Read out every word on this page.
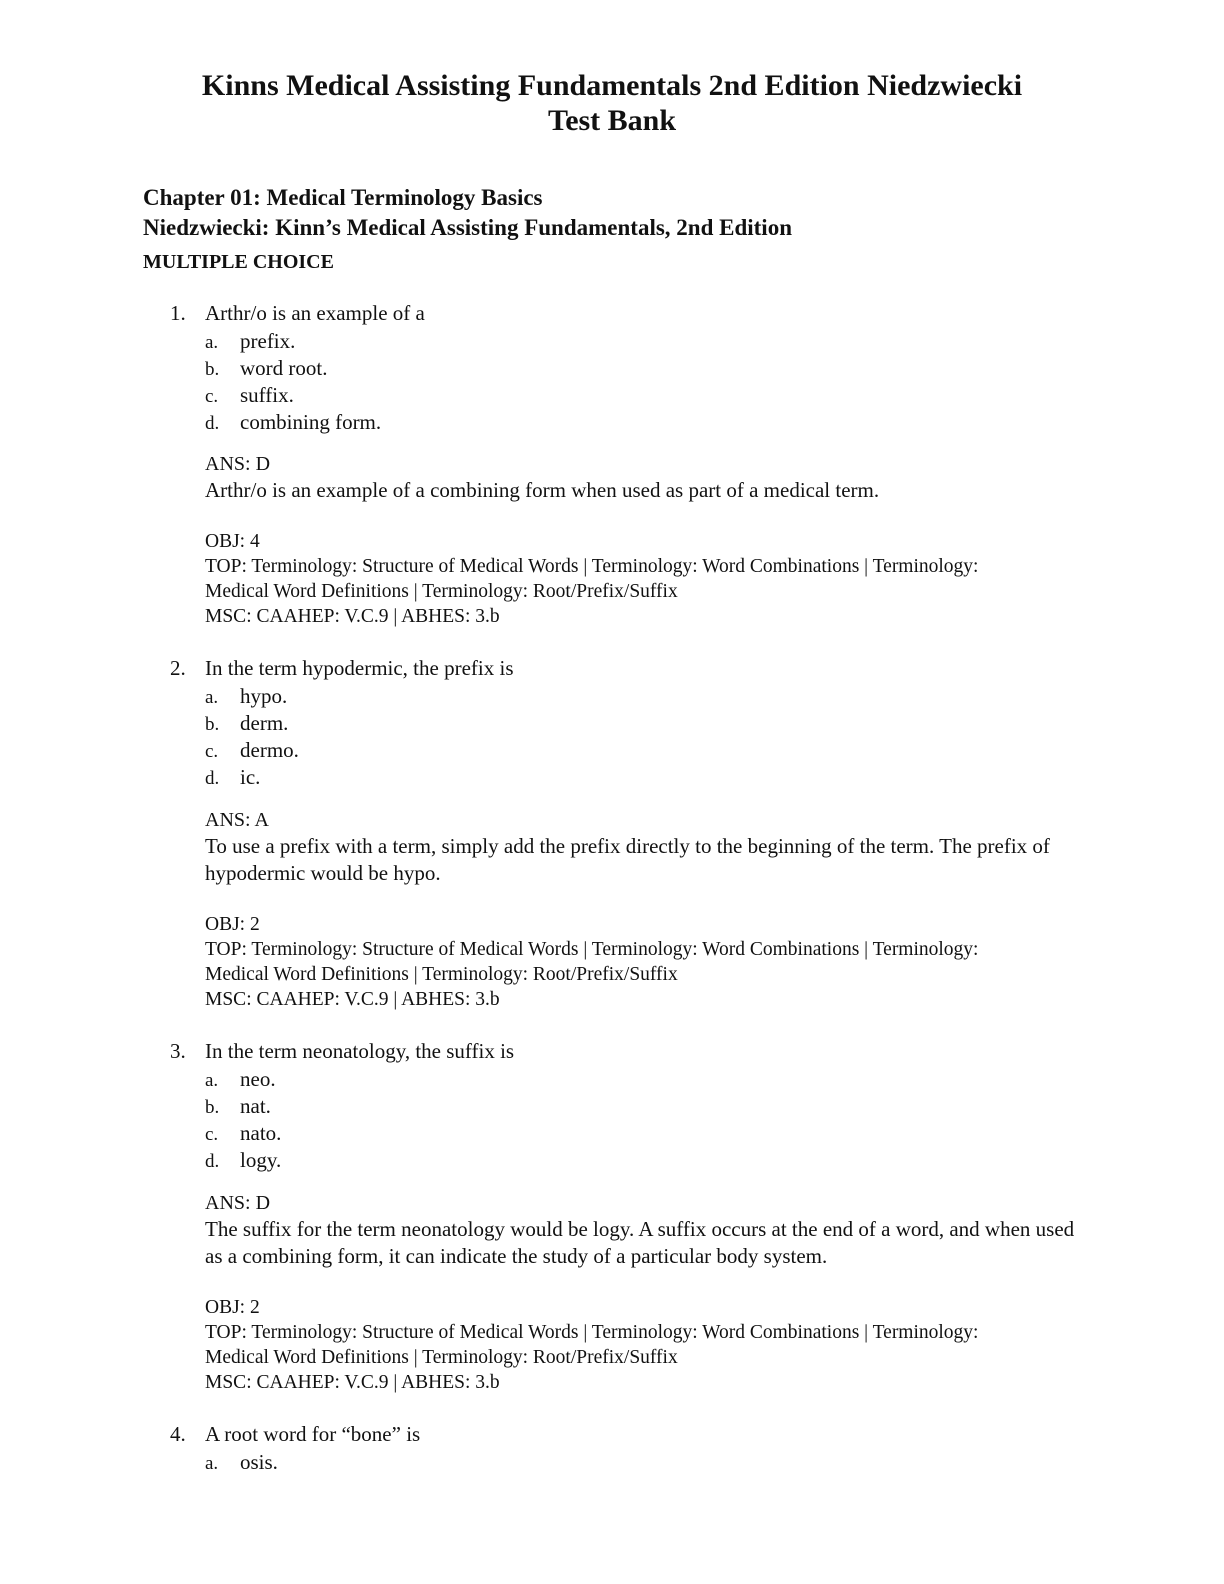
Kinns Medical Assisting Fundamentals 2nd Edition Niedzwiecki
Test Bank
Chapter 01: Medical Terminology Basics
Niedzwiecki: Kinn’s Medical Assisting Fundamentals, 2nd Edition
MULTIPLE CHOICE
1. Arthr/o is an example of a
a. prefix.
b. word root.
c. suffix.
d. combining form.
ANS: D
Arthr/o is an example of a combining form when used as part of a medical term.
OBJ: 4
TOP: Terminology: Structure of Medical Words | Terminology: Word Combinations | Terminology:
Medical Word Definitions | Terminology: Root/Prefix/Suffix
MSC: CAAHEP: V.C.9 | ABHES: 3.b
2. In the term hypodermic, the prefix is
a. hypo.
b. derm.
c. dermo.
d. ic.
ANS: A
To use a prefix with a term, simply add the prefix directly to the beginning of the term. The prefix of hypodermic would be hypo.
OBJ: 2
TOP: Terminology: Structure of Medical Words | Terminology: Word Combinations | Terminology:
Medical Word Definitions | Terminology: Root/Prefix/Suffix
MSC: CAAHEP: V.C.9 | ABHES: 3.b
3. In the term neonatology, the suffix is
a. neo.
b. nat.
c. nato.
d. logy.
ANS: D
The suffix for the term neonatology would be logy. A suffix occurs at the end of a word, and when used as a combining form, it can indicate the study of a particular body system.
OBJ: 2
TOP: Terminology: Structure of Medical Words | Terminology: Word Combinations | Terminology:
Medical Word Definitions | Terminology: Root/Prefix/Suffix
MSC: CAAHEP: V.C.9 | ABHES: 3.b
4. A root word for “bone” is
a. osis.
